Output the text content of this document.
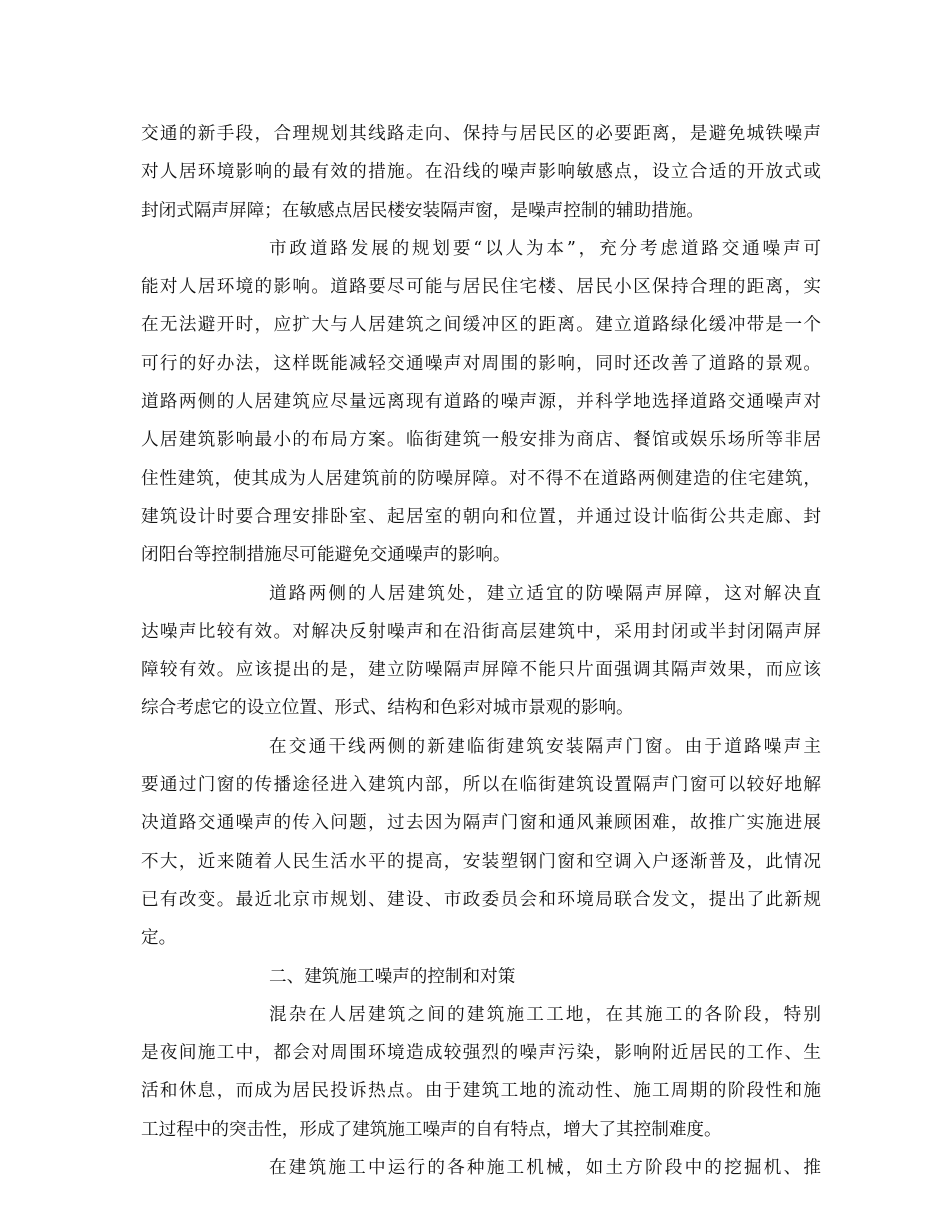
交通的新手段，合理规划其线路走向、保持与居民区的必要距离，是避免城铁噪声
对人居环境影响的最有效的措施。在沿线的噪声影响敏感点，设立合适的开放式或
封闭式隔声屏障；在敏感点居民楼安装隔声窗，是噪声控制的辅助措施。
市政道路发展的规划要“以人为本”，充分考虑道路交通噪声可
能对人居环境的影响。道路要尽可能与居民住宅楼、居民小区保持合理的距离，实
在无法避开时，应扩大与人居建筑之间缓冲区的距离。建立道路绿化缓冲带是一个
可行的好办法，这样既能减轻交通噪声对周围的影响，同时还改善了道路的景观。
道路两侧的人居建筑应尽量远离现有道路的噪声源，并科学地选择道路交通噪声对
人居建筑影响最小的布局方案。临街建筑一般安排为商店、餐馆或娱乐场所等非居
住性建筑，使其成为人居建筑前的防噪屏障。对不得不在道路两侧建造的住宅建筑，
建筑设计时要合理安排卧室、起居室的朝向和位置，并通过设计临街公共走廊、封
闭阳台等控制措施尽可能避免交通噪声的影响。
道路两侧的人居建筑处，建立适宜的防噪隔声屏障，这对解决直
达噪声比较有效。对解决反射噪声和在沿街高层建筑中，采用封闭或半封闭隔声屏
障较有效。应该提出的是，建立防噪隔声屏障不能只片面强调其隔声效果，而应该
综合考虑它的设立位置、形式、结构和色彩对城市景观的影响。
在交通干线两侧的新建临街建筑安装隔声门窗。由于道路噪声主
要通过门窗的传播途径进入建筑内部，所以在临街建筑设置隔声门窗可以较好地解
决道路交通噪声的传入问题，过去因为隔声门窗和通风兼顾困难，故推广实施进展
不大，近来随着人民生活水平的提高，安装塑钢门窗和空调入户逐渐普及，此情况
已有改变。最近北京市规划、建设、市政委员会和环境局联合发文，提出了此新规
定。
二、建筑施工噪声的控制和对策
混杂在人居建筑之间的建筑施工工地，在其施工的各阶段，特别
是夜间施工中，都会对周围环境造成较强烈的噪声污染，影响附近居民的工作、生
活和休息，而成为居民投诉热点。由于建筑工地的流动性、施工周期的阶段性和施
工过程中的突击性，形成了建筑施工噪声的自有特点，增大了其控制难度。
在建筑施工中运行的各种施工机械，如土方阶段中的挖掘机、推
